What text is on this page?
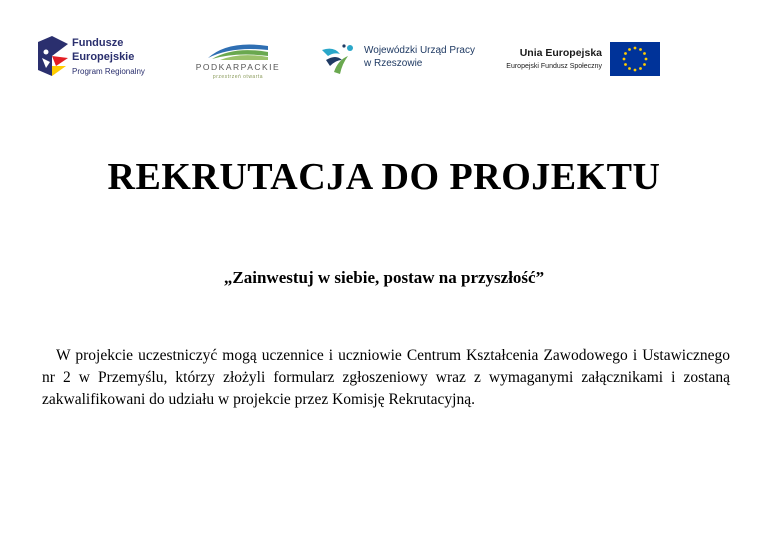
Fundusze
Europejskie
Program Regionalny	PODKARPACKIE
przestrzeń otwarta
Wojewódzki Urząd Pracy
w Rzeszowie
Unia Europejska
Europejski Fundusz Społeczny
REKRUTACJA DO PROJEKTU

„Zainwestuj w siebie, postaw na przyszłość”

W projekcie uczestniczyć mogą uczennice i uczniowie Centrum Kształcenia Zawodowego i Ustawicznego nr 2 w Przemyślu, którzy złożyli formularz zgłoszeniowy wraz z wymaganymi załącznikami i zostaną zakwalifikowani do udziału w projekcie przez Komisję Rekrutacyjną.
